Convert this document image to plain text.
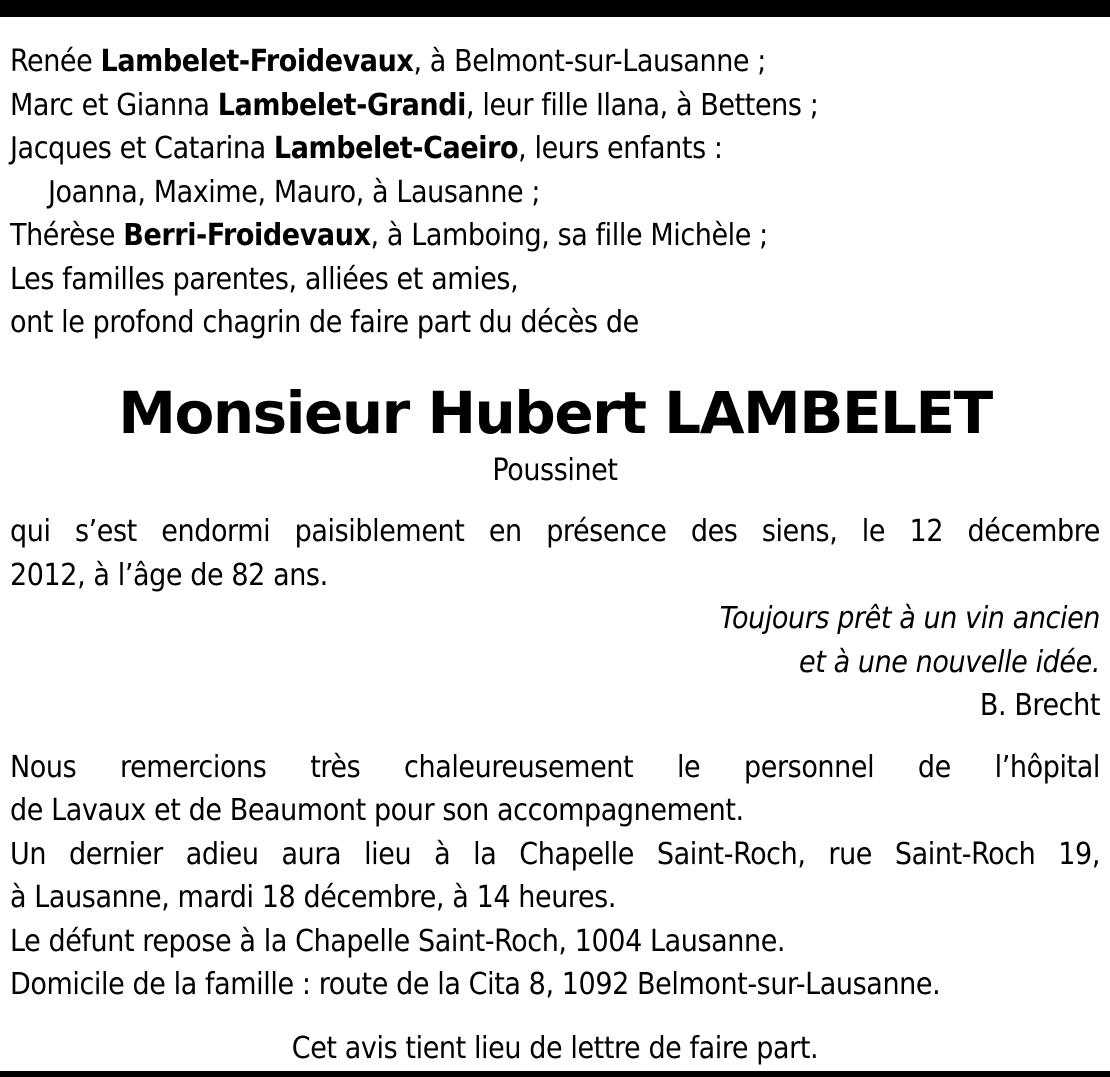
Renée Lambelet-Froidevaux, à Belmont-sur-Lausanne ;
Marc et Gianna Lambelet-Grandi, leur fille Ilana, à Bettens ;
Jacques et Catarina Lambelet-Caeiro, leurs enfants :
Joanna, Maxime, Mauro, à Lausanne ;
Thérèse Berri-Froidevaux, à Lamboing, sa fille Michèle ;
Les familles parentes, alliées et amies,
ont le profond chagrin de faire part du décès de
Monsieur Hubert LAMBELET
Poussinet
qui s’est endormi paisiblement en présence des siens, le 12 décembre
2012, à l’âge de 82 ans.
Toujours prêt à un vin ancien
et à une nouvelle idée.
B. Brecht
Nous remercions très chaleureusement le personnel de l’hôpital
de Lavaux et de Beaumont pour son accompagnement.
Un dernier adieu aura lieu à la Chapelle Saint-Roch, rue Saint-Roch 19,
à Lausanne, mardi 18 décembre, à 14 heures.
Le défunt repose à la Chapelle Saint-Roch, 1004 Lausanne.
Domicile de la famille : route de la Cita 8, 1092 Belmont-sur-Lausanne.
Cet avis tient lieu de lettre de faire part.
